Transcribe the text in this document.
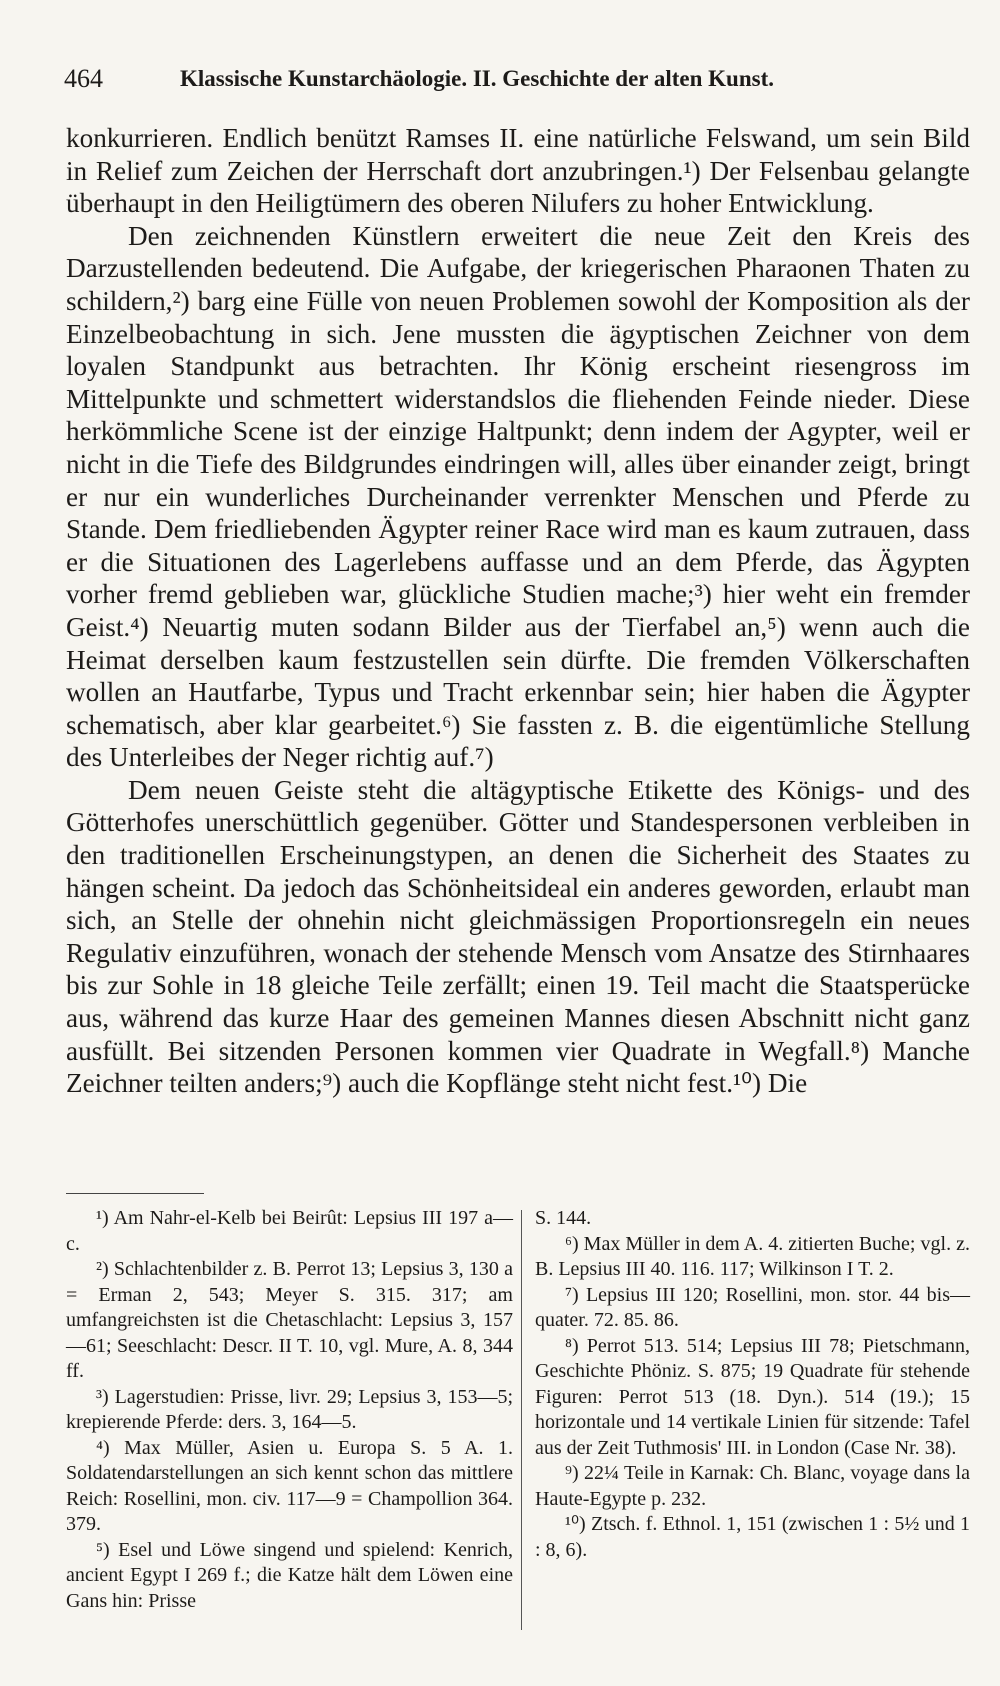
464	Klassische Kunstarchäologie. II. Geschichte der alten Kunst.

konkurrieren. Endlich benützt Ramses II. eine natürliche Felswand, um sein Bild in Relief zum Zeichen der Herrschaft dort anzubringen.¹) Der Felsenbau gelangte überhaupt in den Heiligtümern des oberen Nilufers zu hoher Entwicklung.

Den zeichnenden Künstlern erweitert die neue Zeit den Kreis des Darzustellenden bedeutend. Die Aufgabe, der kriegerischen Pharaonen Thaten zu schildern,²) barg eine Fülle von neuen Problemen sowohl der Komposition als der Einzelbeobachtung in sich. Jene mussten die ägyptischen Zeichner von dem loyalen Standpunkt aus betrachten. Ihr König erscheint riesengross im Mittelpunkte und schmettert widerstandslos die fliehenden Feinde nieder. Diese herkömmliche Scene ist der einzige Haltpunkt; denn indem der Agypter, weil er nicht in die Tiefe des Bildgrundes eindringen will, alles über einander zeigt, bringt er nur ein wunderliches Durcheinander verrenkter Menschen und Pferde zu Stande. Dem friedliebenden Ägypter reiner Race wird man es kaum zutrauen, dass er die Situationen des Lagerlebens auffasse und an dem Pferde, das Ägypten vorher fremd geblieben war, glückliche Studien mache;³) hier weht ein fremder Geist.⁴) Neuartig muten sodann Bilder aus der Tierfabel an,⁵) wenn auch die Heimat derselben kaum festzustellen sein dürfte. Die fremden Völkerschaften wollen an Hautfarbe, Typus und Tracht erkennbar sein; hier haben die Ägypter schematisch, aber klar gearbeitet.⁶) Sie fassten z. B. die eigentümliche Stellung des Unterleibes der Neger richtig auf.⁷)

Dem neuen Geiste steht die altägyptische Etikette des Königs- und des Götterhofes unerschüttlich gegenüber. Götter und Standespersonen verbleiben in den traditionellen Erscheinungstypen, an denen die Sicherheit des Staates zu hängen scheint. Da jedoch das Schönheitsideal ein anderes geworden, erlaubt man sich, an Stelle der ohnehin nicht gleichmässigen Proportionsregeln ein neues Regulativ einzuführen, wonach der stehende Mensch vom Ansatze des Stirnhaares bis zur Sohle in 18 gleiche Teile zerfällt; einen 19. Teil macht die Staatsperücke aus, während das kurze Haar des gemeinen Mannes diesen Abschnitt nicht ganz ausfüllt. Bei sitzenden Personen kommen vier Quadrate in Wegfall.⁸) Manche Zeichner teilten anders;⁹) auch die Kopflänge steht nicht fest.¹⁰) Die

¹) Am Nahr-el-Kelb bei Beirût: Lepsius III 197 a—c.

²) Schlachtenbilder z. B. Perrot 13; Lepsius 3, 130 a = Erman 2, 543; Meyer S. 315. 317; am umfangreichsten ist die Chetaschlacht: Lepsius 3, 157—61; Seeschlacht: Descr. II T. 10, vgl. Mure, A. 8, 344 ff.

³) Lagerstudien: Prisse, livr. 29; Lepsius 3, 153—5; krepierende Pferde: ders. 3, 164—5.

⁴) Max Müller, Asien u. Europa S. 5 A. 1. Soldatendarstellungen an sich kennt schon das mittlere Reich: Rosellini, mon. civ. 117—9 = Champollion 364. 379.

⁵) Esel und Löwe singend und spielend: Kenrich, ancient Egypt I 269 f.; die Katze hält dem Löwen eine Gans hin: Prisse

S. 144.

⁶) Max Müller in dem A. 4. zitierten Buche; vgl. z. B. Lepsius III 40. 116. 117; Wilkinson I T. 2.

⁷) Lepsius III 120; Rosellini, mon. stor. 44 bis—quater. 72. 85. 86.

⁸) Perrot 513. 514; Lepsius III 78; Pietschmann, Geschichte Phöniz. S. 875; 19 Quadrate für stehende Figuren: Perrot 513 (18. Dyn.). 514 (19.); 15 horizontale und 14 vertikale Linien für sitzende: Tafel aus der Zeit Tuthmosis' III. in London (Case Nr. 38).

⁹) 22¼ Teile in Karnak: Ch. Blanc, voyage dans la Haute-Egypte p. 232.

¹⁰) Ztsch. f. Ethnol. 1, 151 (zwischen 1 : 5½ und 1 : 8, 6).
